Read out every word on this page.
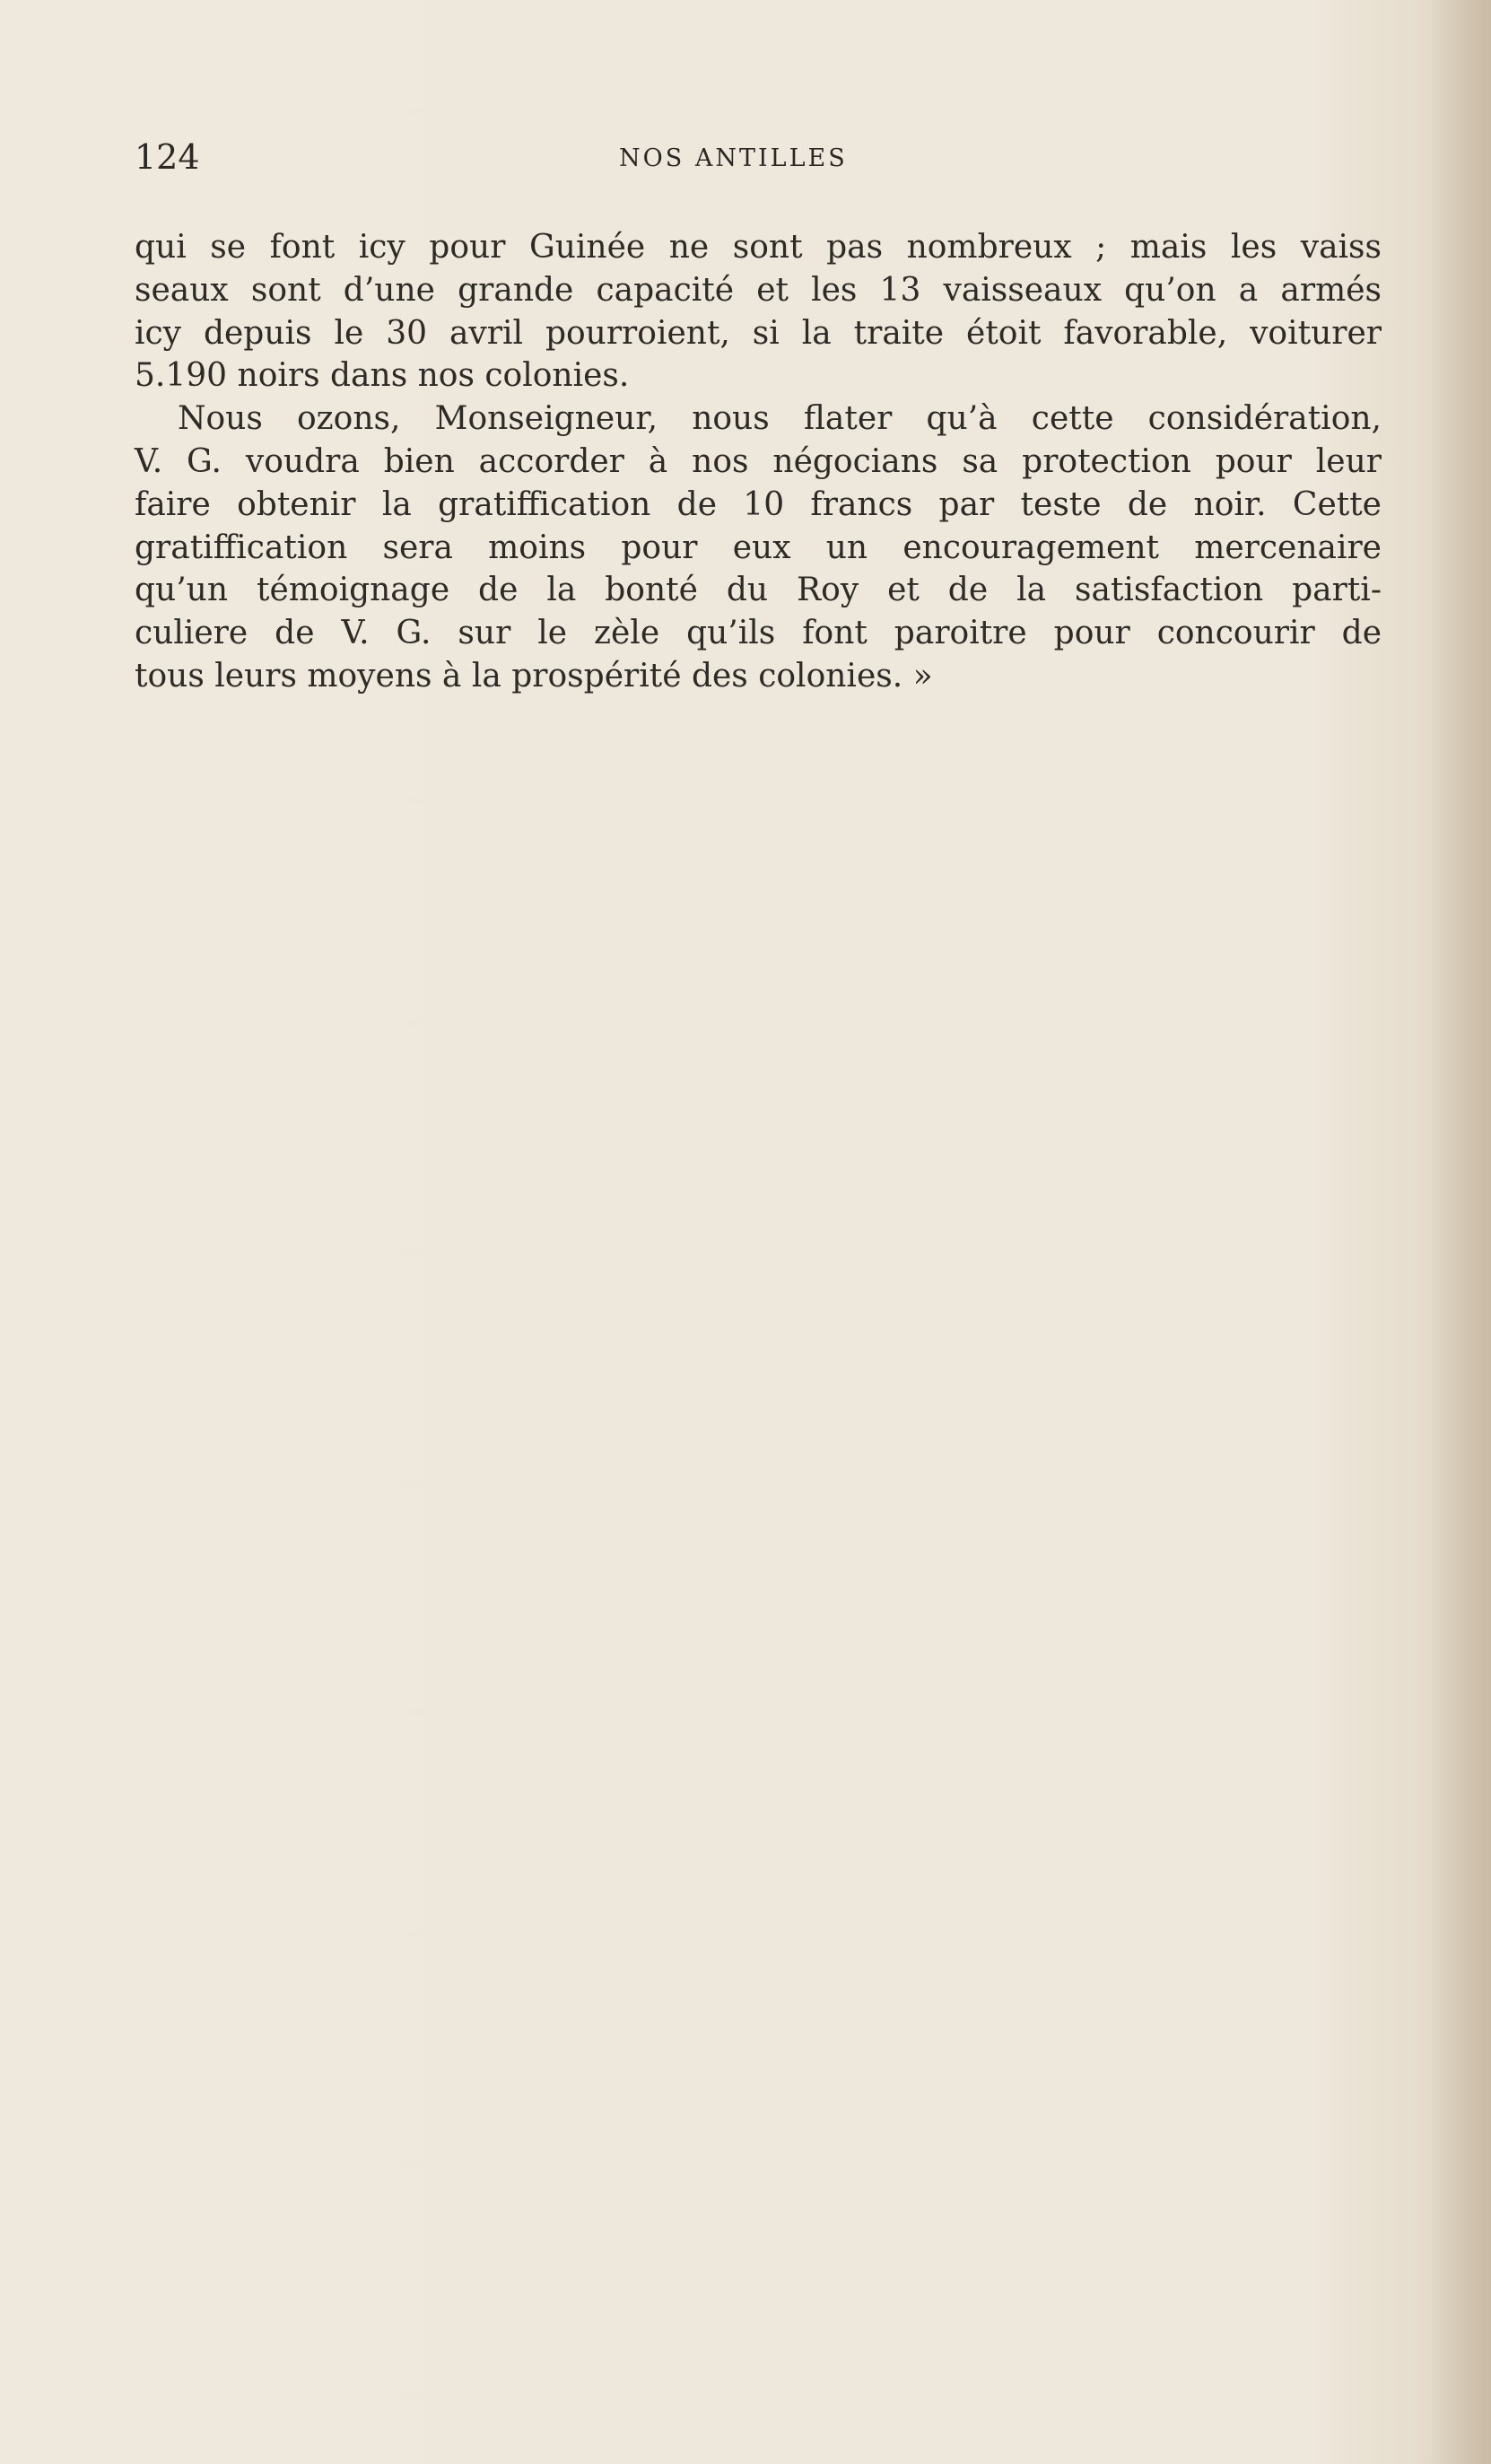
124	NOS ANTILLES
qui se font icy pour Guinée ne sont pas nombreux ; mais les vaiss
seaux sont d’une grande capacité et les 13 vaisseaux qu’on a armés
icy depuis le 30 avril pourroient, si la traite étoit favorable, voiturer
5.190 noirs dans nos colonies.
Nous ozons, Monseigneur, nous flater qu’à cette considération,
V. G. voudra bien accorder à nos négocians sa protection pour leur
faire obtenir la gratiffication de 10 francs par teste de noir. Cette
gratiffication sera moins pour eux un encouragement mercenaire
qu’un témoignage de la bonté du Roy et de la satisfaction parti-
culiere de V. G. sur le zèle qu’ils font paroitre pour concourir de
tous leurs moyens à la prospérité des colonies. »
